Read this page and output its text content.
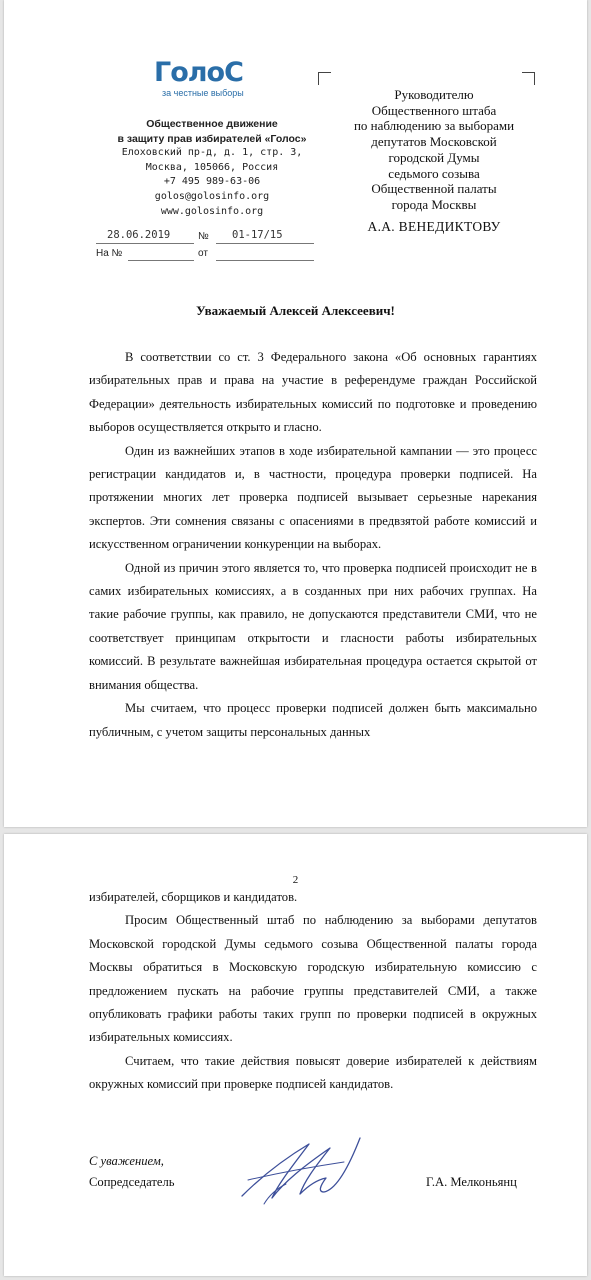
ГолоС
за честные выборы
Общественное движение
в защиту прав избирателей «Голос»
Елоховский пр-д, д. 1, стр. 3,
Москва, 105066, Россия
+7 495 989-63-06
golos@golosinfo.org
www.golosinfo.org
28.06.2019	№ 01-17/15
На №	от
Руководителю
Общественного штаба
по наблюдению за выборами
депутатов Московской
городской Думы
седьмого созыва
Общественной палаты
города Москвы
А.А. ВЕНЕДИКТОВУ
Уважаемый Алексей Алексеевич!

В соответствии со ст. 3 Федерального закона «Об основных гарантиях избирательных прав и права на участие в референдуме граждан Российской Федерации» деятельность избирательных комиссий по подготовке и проведению выборов осуществляется открыто и гласно.

Один из важнейших этапов в ходе избирательной кампании — это процесс регистрации кандидатов и, в частности, процедура проверки подписей. На протяжении многих лет проверка подписей вызывает серьезные нарекания экспертов. Эти сомнения связаны с опасениями в предвзятой работе комиссий и искусственном ограничении конкуренции на выборах.

Одной из причин этого является то, что проверка подписей происходит не в самих избирательных комиссиях, а в созданных при них рабочих группах. На такие рабочие группы, как правило, не допускаются представители СМИ, что не соответствует принципам открытости и гласности работы избирательных комиссий. В результате важнейшая избирательная процедура остается скрытой от внимания общества.

Мы считаем, что процесс проверки подписей должен быть максимально публичным, с учетом защиты персональных данных

2
избирателей, сборщиков и кандидатов.

Просим Общественный штаб по наблюдению за выборами депутатов Московской городской Думы седьмого созыва Общественной палаты города Москвы обратиться в Московскую городскую избирательную комиссию с предложением пускать на рабочие группы представителей СМИ, а также опубликовать графики работы таких групп по проверки подписей в окружных избирательных комиссиях.

Считаем, что такие действия повысят доверие избирателей к действиям окружных комиссий при проверке подписей кандидатов.

С уважением,
Сопредседатель	Г.А. Мелконьянц
